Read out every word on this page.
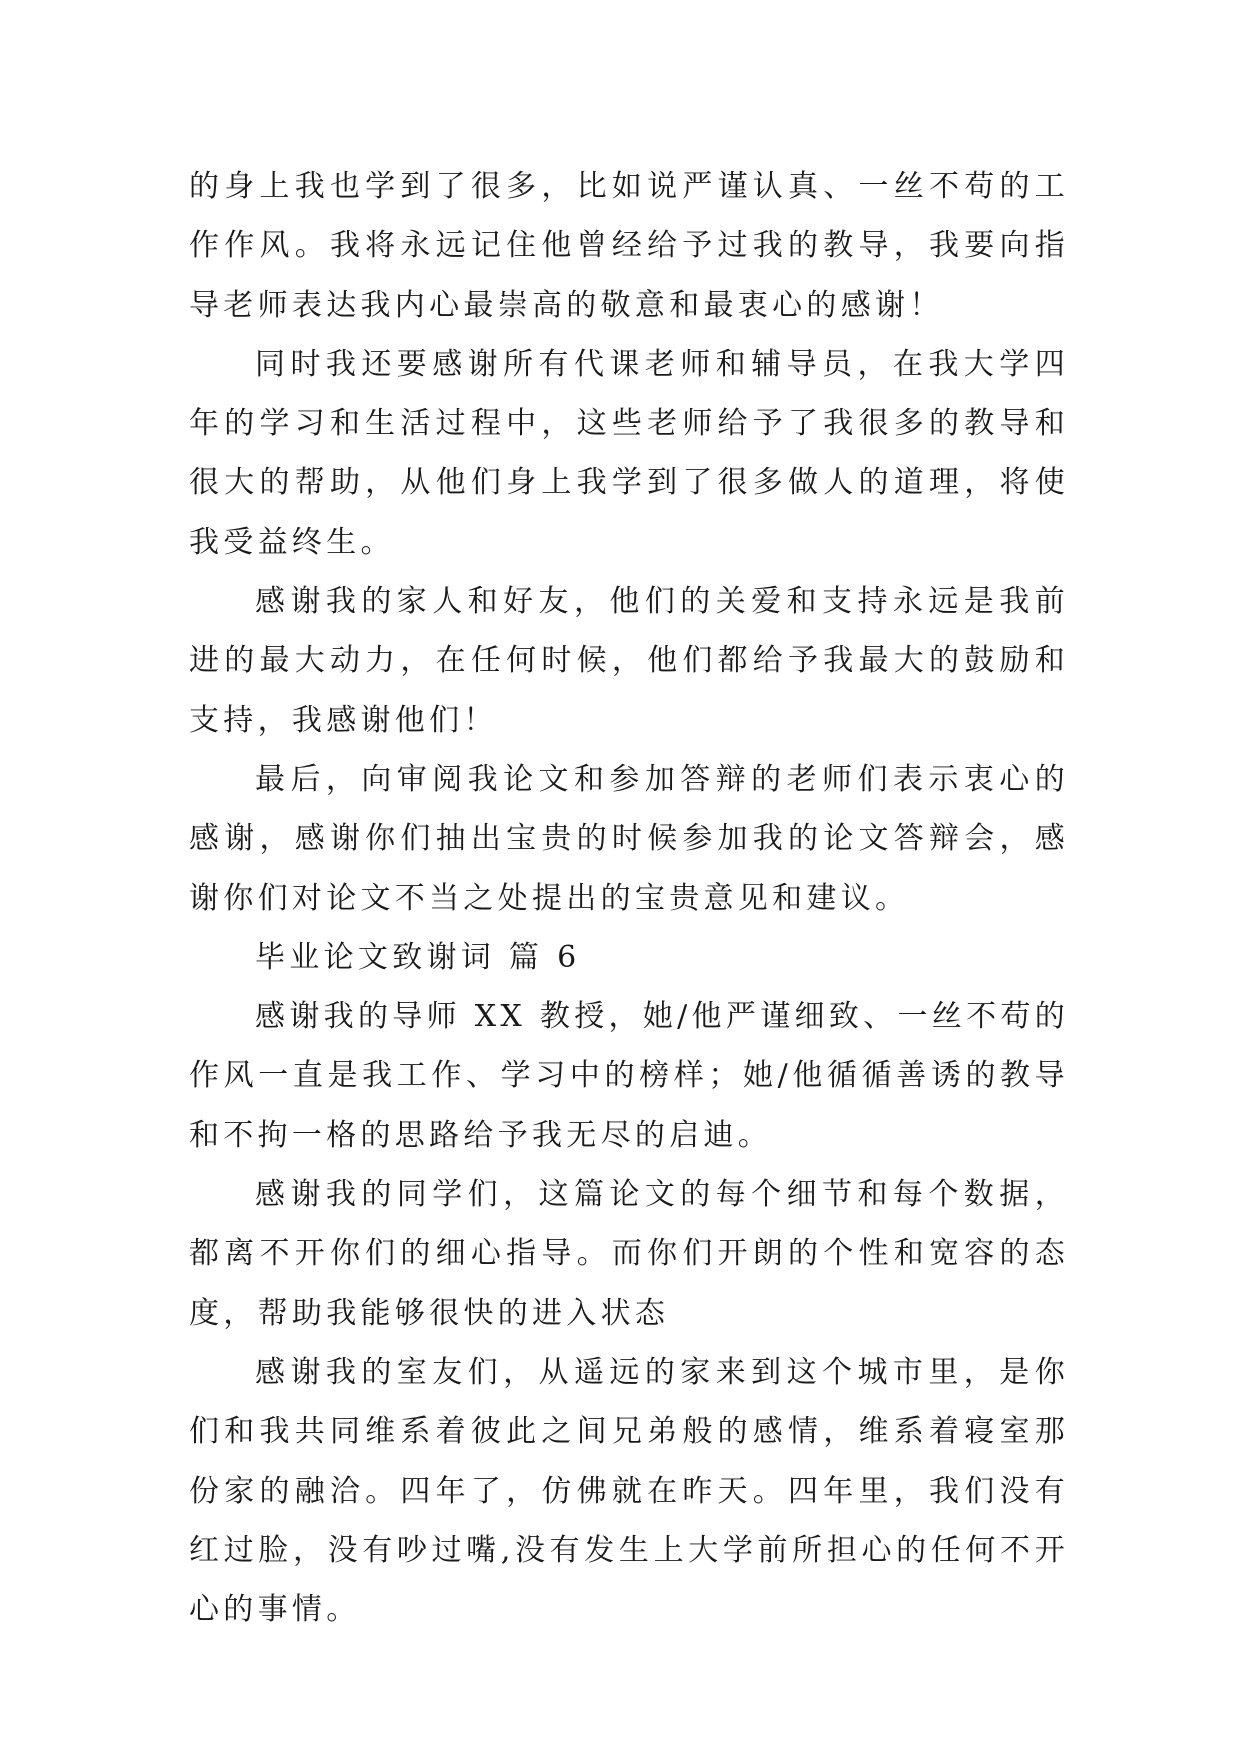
的身上我也学到了很多，比如说严谨认真、一丝不苟的工作作风。我将永远记住他曾经给予过我的教导，我要向指导老师表达我内心最崇高的敬意和最衷心的感谢！

同时我还要感谢所有代课老师和辅导员，在我大学四年的学习和生活过程中，这些老师给予了我很多的教导和很大的帮助，从他们身上我学到了很多做人的道理，将使我受益终生。

感谢我的家人和好友，他们的关爱和支持永远是我前进的最大动力，在任何时候，他们都给予我最大的鼓励和支持，我感谢他们！

最后，向审阅我论文和参加答辩的老师们表示衷心的感谢，感谢你们抽出宝贵的时候参加我的论文答辩会，感谢你们对论文不当之处提出的宝贵意见和建议。

毕业论文致谢词 篇 6

感谢我的导师 XX 教授，她/他严谨细致、一丝不苟的作风一直是我工作、学习中的榜样；她/他循循善诱的教导和不拘一格的思路给予我无尽的启迪。

感谢我的同学们，这篇论文的每个细节和每个数据，都离不开你们的细心指导。而你们开朗的个性和宽容的态度，帮助我能够很快的进入状态

感谢我的室友们，从遥远的家来到这个城市里，是你们和我共同维系着彼此之间兄弟般的感情，维系着寝室那份家的融洽。四年了，仿佛就在昨天。四年里，我们没有红过脸，没有吵过嘴,没有发生上大学前所担心的任何不开心的事情。
